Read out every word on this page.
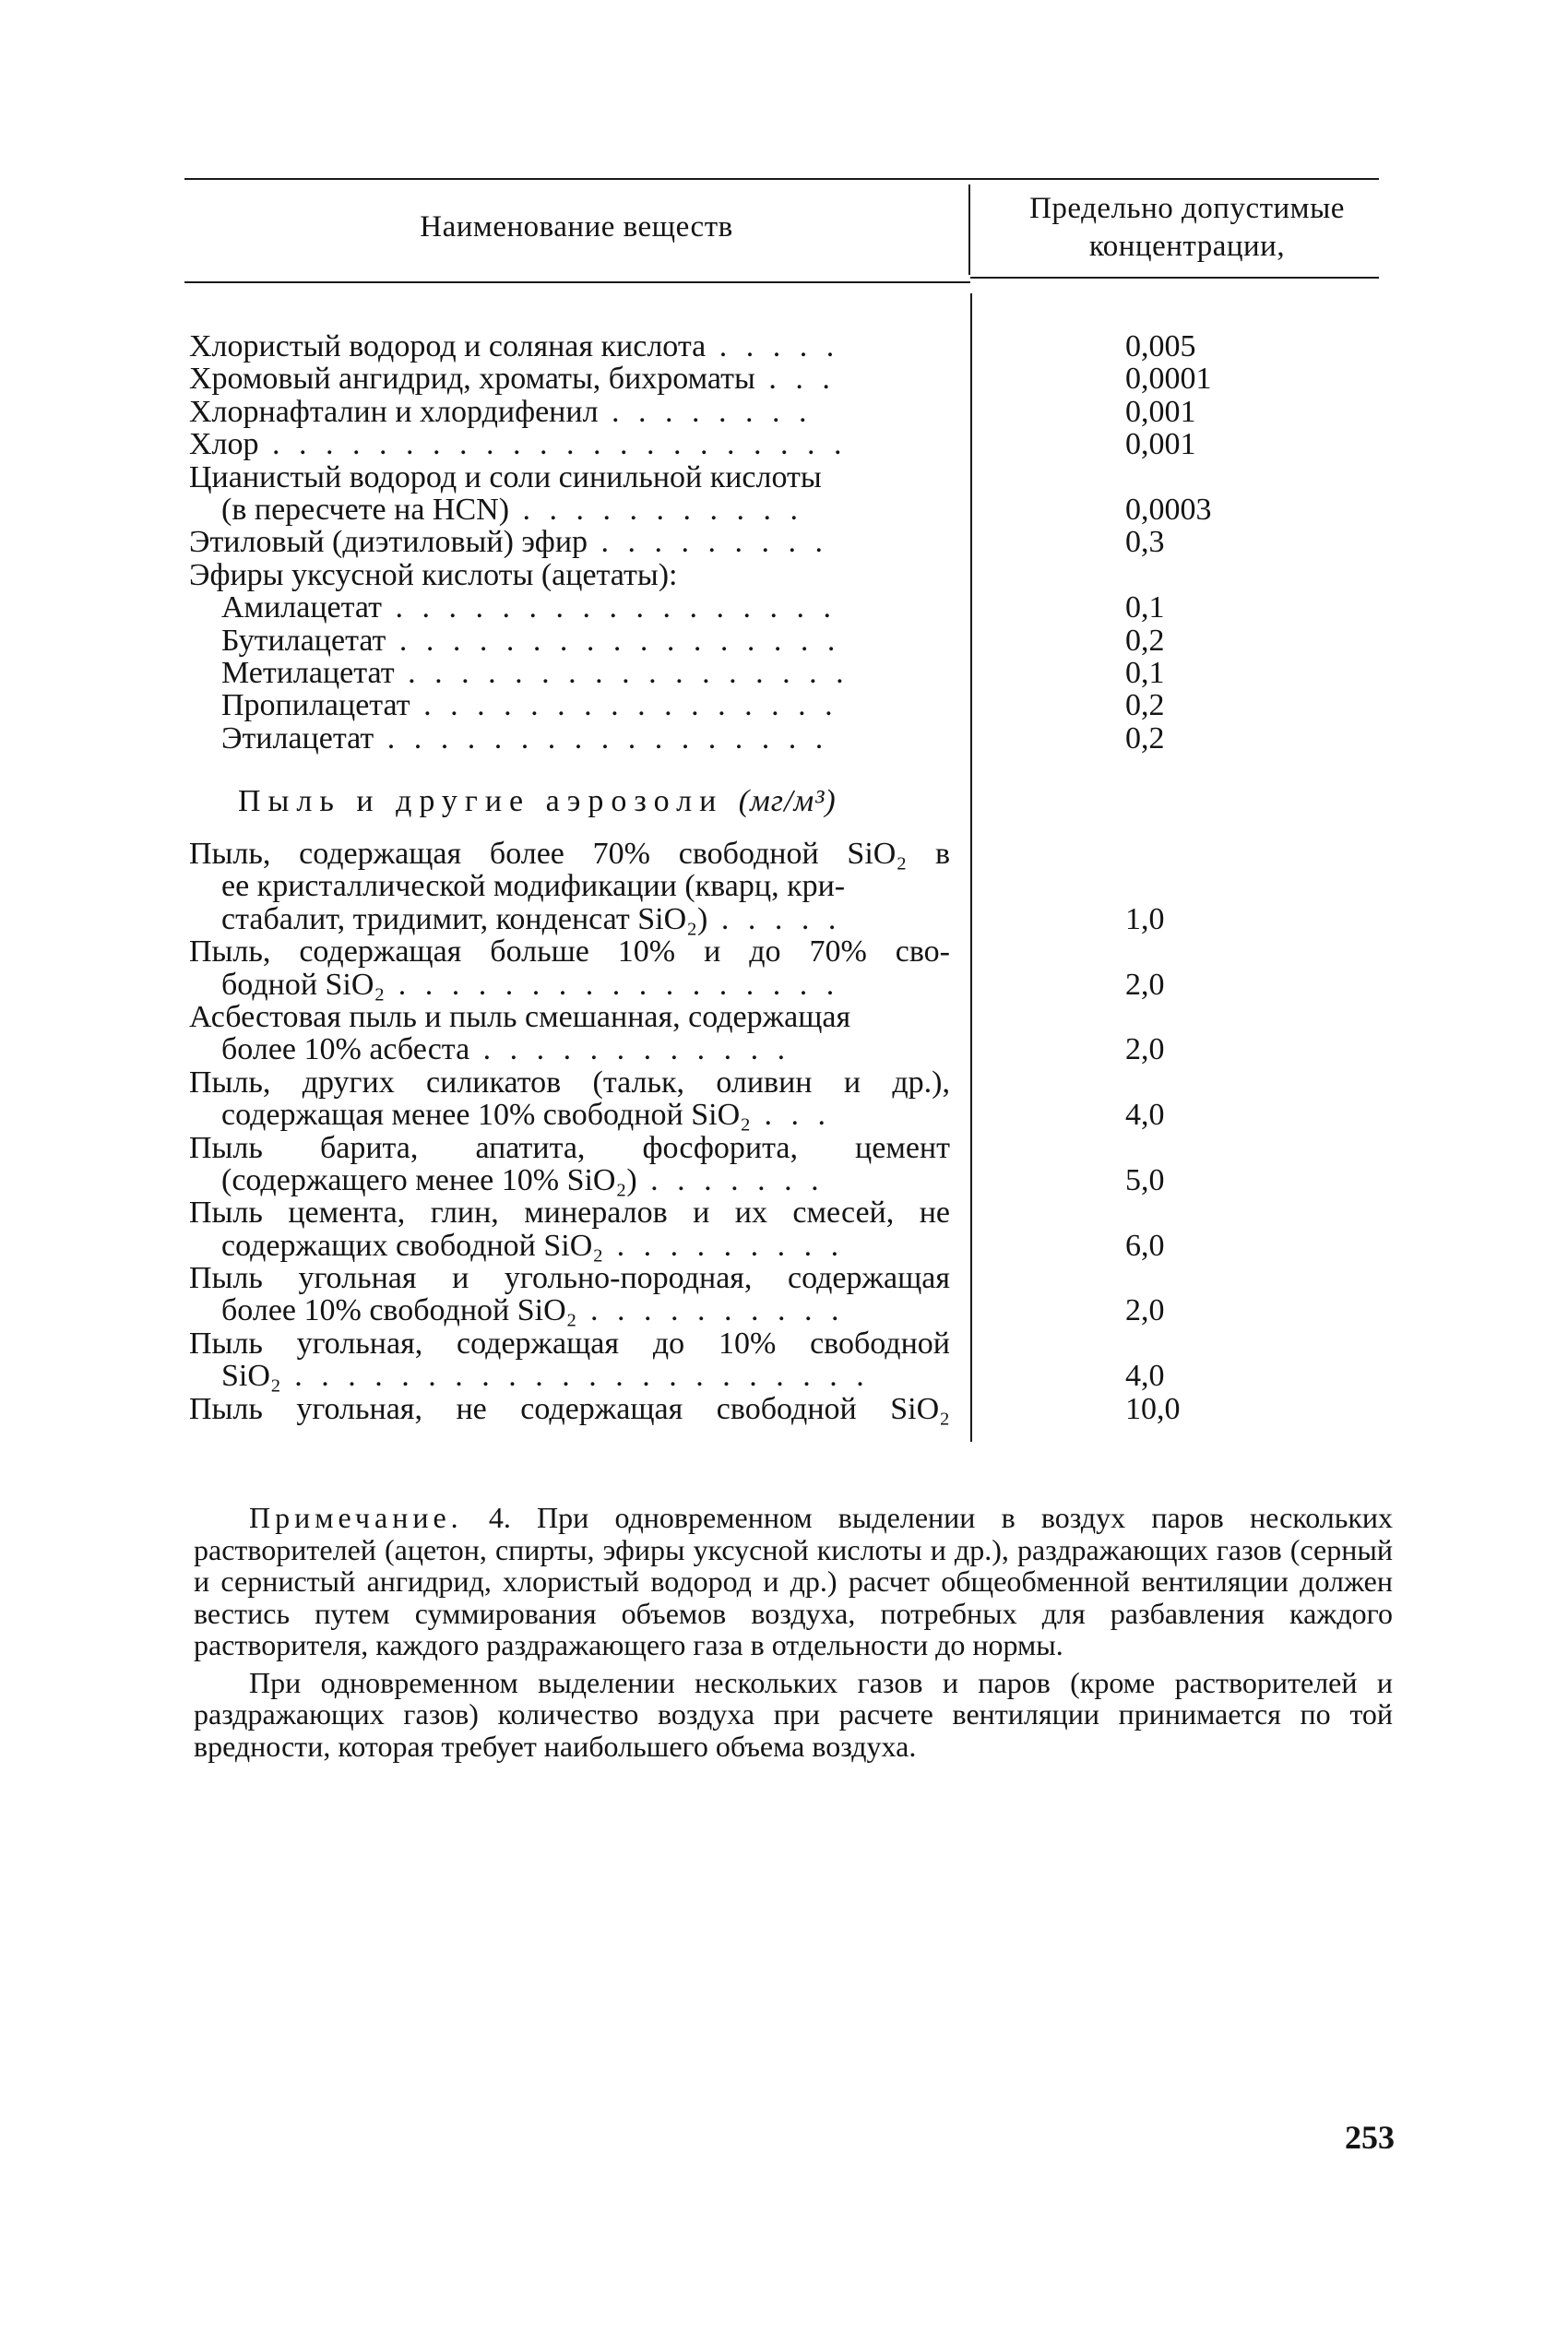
Наименование веществ
Предельно допустимые
концентрации,
Хлористый водород и соляная кислота . . . . .	0,005
Хромовый ангидрид, хроматы, бихроматы . . .	0,0001
Хлорнафталин и хлордифенил . . . . . . . .	0,001
Хлор . . . . . . . . . . . . . . . . . . . . . .	0,001
Цианистый водород и соли синильной кислоты
(в пересчете на HCN) . . . . . . . . . . .	0,0003
Этиловый (диэтиловый) эфир . . . . . . . . .	0,3
Эфиры уксусной кислоты (ацетаты):
Амилацетат . . . . . . . . . . . . . . . . .	0,1
Бутилацетат . . . . . . . . . . . . . . . . .	0,2
Метилацетат . . . . . . . . . . . . . . . . .	0,1
Пропилацетат . . . . . . . . . . . . . . . .	0,2
Этилацетат . . . . . . . . . . . . . . . . .	0,2
Пыль и другие аэрозоли (мг/м³)
Пыль, содержащая более 70% свободной SiO₂ в
ее кристаллической модификации (кварц, кри-
стабалит, тридимит, конденсат SiO₂) . . . . .	1,0
Пыль, содержащая больше 10% и до 70% сво-
бодной SiO₂ . . . . . . . . . . . . . . . . .	2,0
Асбестовая пыль и пыль смешанная, содержащая
более 10% асбеста . . . . . . . . . . . .	2,0
Пыль, других силикатов (тальк, оливин и др.),
содержащая менее 10% свободной SiO₂ . . .	4,0
Пыль барита, апатита, фосфорита, цемент
(содержащего менее 10% SiO₂) . . . . . . .	5,0
Пыль цемента, глин, минералов и их смесей, не
содержащих свободной SiO₂ . . . . . . . . .	6,0
Пыль угольная и угольно-породная, содержащая
более 10% свободной SiO₂ . . . . . . . . . .	2,0
Пыль угольная, содержащая до 10% свободной
SiO₂ . . . . . . . . . . . . . . . . . . . . . .	4,0
Пыль угольная, не содержащая свободной SiO₂	10,0

Примечание. 4. При одновременном выделении в воздух паров нескольких растворителей (ацетон, спирты, эфиры уксусной кислоты и др.), раздражающих газов (серный и сернистый ангидрид, хлористый водород и др.) расчет общеобменной вентиляции должен вестись путем суммирования объемов воздуха, потребных для разбавления каждого растворителя, каждого раздражающего газа в отдельности до нормы.

При одновременном выделении нескольких газов и паров (кроме растворителей и раздражающих газов) количество воздуха при расчете вентиляции принимается по той вредности, которая требует наибольшего объема воздуха.

253
